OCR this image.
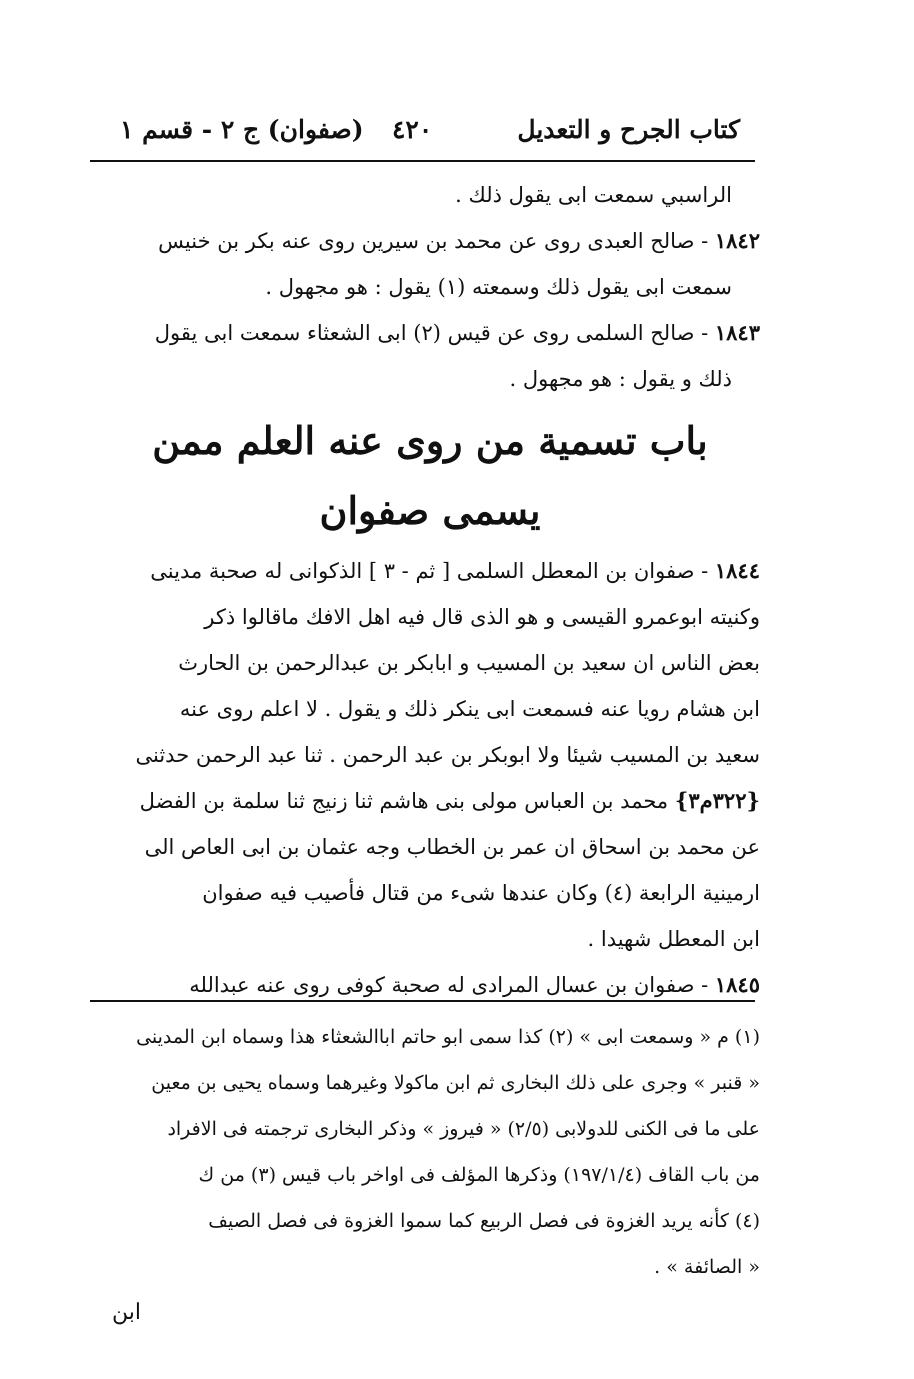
كتاب الجرح و التعديل
٤٢٠
(صفوان) ج ٢ - قسم ١

الراسبي سمعت ابى يقول ذلك .

١٨٤٢ - صالح العبدى روى عن محمد بن سيرين روى عنه بكر بن خنيس

سمعت ابى يقول ذلك وسمعته (١) يقول : هو مجهول .

١٨٤٣ - صالح السلمى روى عن قيس (٢) ابى الشعثاء سمعت ابى يقول

ذلك و يقول : هو مجهول .

باب تسمية من روى عنه العلم ممن
يسمى صفوان

١٨٤٤ - صفوان بن المعطل السلمى [ ثم - ٣ ] الذكوانى له صحبة مدينى

وكنيته ابوعمرو القيسى و هو الذى قال فيه اهل الافك ماقالوا ذكر

بعض الناس ان سعيد بن المسيب و ابابكر بن عبدالرحمن بن الحارث

ابن هشام رويا عنه فسمعت ابى ينكر ذلك و يقول . لا اعلم روى عنه

سعيد بن المسيب شيئا ولا ابوبكر بن عبد الرحمن . ثنا عبد الرحمن حدثنى

{٣٢٢م٣} محمد بن العباس مولى بنى هاشم ثنا زنيج ثنا سلمة بن الفضل

عن محمد بن اسحاق ان عمر بن الخطاب وجه عثمان بن ابى العاص الى

ارمينية الرابعة (٤) وكان عندها شىء من قتال فأصيب فيه صفوان

ابن المعطل شهيدا .

١٨٤٥ - صفوان بن عسال المرادى له صحبة كوفى روى عنه عبدالله

(١) م « وسمعت ابى » (٢) كذا سمى ابو حاتم اباالشعثاء هذا وسماه ابن المدينى

« قنبر » وجرى على ذلك البخارى ثم ابن ماكولا وغيرهما وسماه يحيى بن معين

على ما فى الكنى للدولابى (٢/٥) « فيروز » وذكر البخارى ترجمته فى الافراد

من باب القاف (١٩٧/١/٤) وذكرها المؤلف فى اواخر باب قيس (٣) من ك

(٤) كأنه يريد الغزوة فى فصل الربيع كما سموا الغزوة فى فصل الصيف

« الصائفة » .

ابن
